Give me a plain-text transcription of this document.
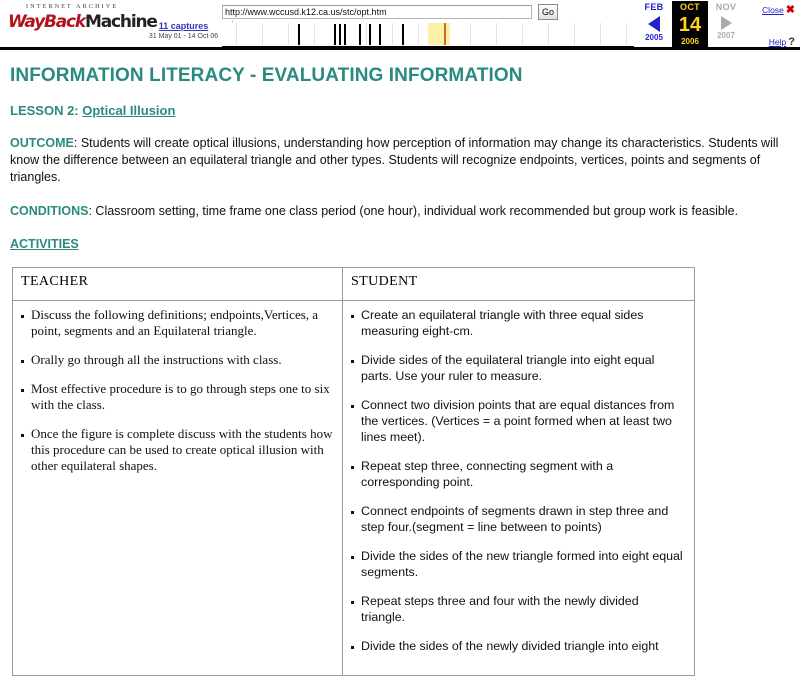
INTERNET ARCHIVE
WayBackMachine 11 captures
31 May 01 - 14 Oct 06
http://www.wccusd.k12.ca.us/stc/opt.htm
Go	FEB
2005
OCT
14
2006
NOV
2007
Close ✖
Help ?
INFORMATION LITERACY - EVALUATING INFORMATION
LESSON 2: Optical Illusion

OUTCOME: Students will create optical illusions, understanding how perception of information may change its characteristics. Students will know the difference between an equilateral triangle and other types. Students will recognize endpoints, vertices, points and segments of triangles.

CONDITIONS: Classroom setting, time frame one class period (one hour), individual work recommended but group work is feasible.

ACTIVITIES
TEACHER	STUDENT

Discuss the following definitions; endpoints,Vertices, a point, segments and an Equilateral triangle.
Orally go through all the instructions with class.
Most effective procedure is to go through steps one to six with the class.
Once the figure is complete discuss with the students how this procedure can be used to create optical illusion with other equilateral shapes.

Create an equilateral triangle with three equal sides measuring eight-cm.
Divide sides of the equilateral triangle into eight equal parts. Use your ruler to measure.
Connect two division points that are equal distances from the vertices. (Vertices = a point formed when at least two lines meet).
Repeat step three, connecting segment with a corresponding point.
Connect endpoints of segments drawn in step three and step four.(segment = line between to points)
Divide the sides of the new triangle formed into eight equal segments.
Repeat steps three and four with the newly divided triangle.
Divide the sides of the newly divided triangle into eight
